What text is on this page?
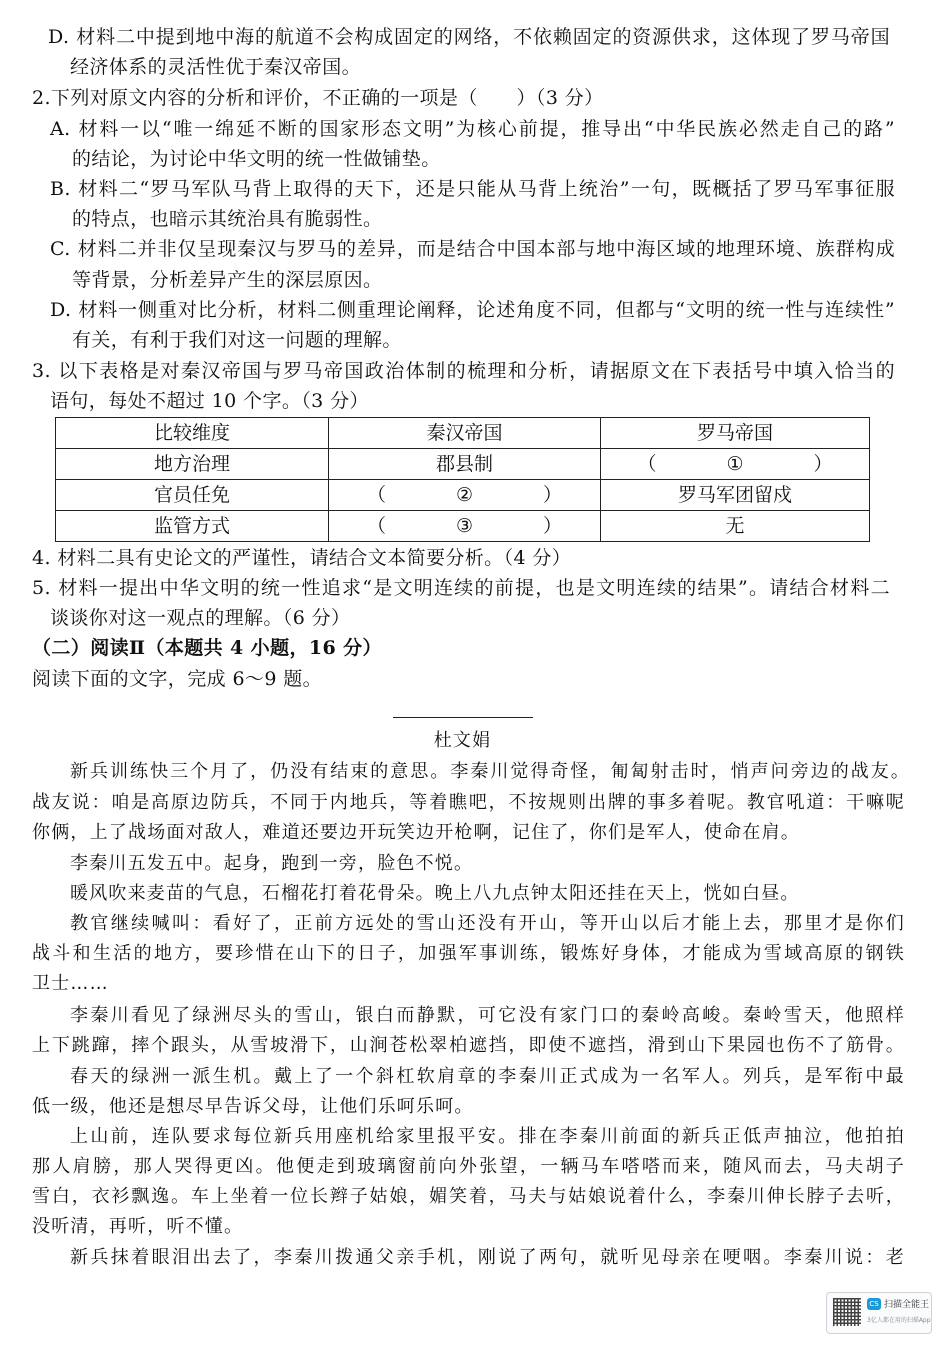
D. 材料二中提到地中海的航道不会构成固定的网络，不依赖固定的资源供求，这体现了罗马帝国
经济体系的灵活性优于秦汉帝国。
2.下列对原文内容的分析和评价，不正确的一项是（　　）（3 分）
A. 材料一以“唯一绵延不断的国家形态文明”为核心前提，推导出“中华民族必然走自己的路”
的结论，为讨论中华文明的统一性做铺垫。
B. 材料二“罗马军队马背上取得的天下，还是只能从马背上统治”一句，既概括了罗马军事征服
的特点，也暗示其统治具有脆弱性。
C. 材料二并非仅呈现秦汉与罗马的差异，而是结合中国本部与地中海区域的地理环境、族群构成
等背景，分析差异产生的深层原因。
D. 材料一侧重对比分析，材料二侧重理论阐释，论述角度不同，但都与“文明的统一性与连续性”
有关，有利于我们对这一问题的理解。
3. 以下表格是对秦汉帝国与罗马帝国政治体制的梳理和分析，请据原文在下表括号中填入恰当的
语句，每处不超过 10 个字。（3 分）
比较维度	秦汉帝国	罗马帝国
地方治理	郡县制	（ ① ）
官员任免	（ ② ）	罗马军团留戍
监管方式	（ ③ ）	无
4. 材料二具有史论文的严谨性，请结合文本简要分析。（4 分）
5. 材料一提出中华文明的统一性追求“是文明连续的前提，也是文明连续的结果”。请结合材料二
谈谈你对这一观点的理解。（6 分）
（二）阅读Ⅱ（本题共 4 小题，16 分）
阅读下面的文字，完成 6～9 题。
杜文娟
新兵训练快三个月了，仍没有结束的意思。李秦川觉得奇怪，匍匐射击时，悄声问旁边的战友。
战友说：咱是高原边防兵，不同于内地兵，等着瞧吧，不按规则出牌的事多着呢。教官吼道：干嘛呢
你俩，上了战场面对敌人，难道还要边开玩笑边开枪啊，记住了，你们是军人，使命在肩。
李秦川五发五中。起身，跑到一旁，脸色不悦。
暖风吹来麦苗的气息，石榴花打着花骨朵。晚上八九点钟太阳还挂在天上，恍如白昼。
教官继续喊叫：看好了，正前方远处的雪山还没有开山，等开山以后才能上去，那里才是你们
战斗和生活的地方，要珍惜在山下的日子，加强军事训练，锻炼好身体，才能成为雪域高原的钢铁
卫士……
李秦川看见了绿洲尽头的雪山，银白而静默，可它没有家门口的秦岭高峻。秦岭雪天，他照样
上下跳蹿，摔个跟头，从雪坡滑下，山涧苍松翠柏遮挡，即使不遮挡，滑到山下果园也伤不了筋骨。
春天的绿洲一派生机。戴上了一个斜杠软肩章的李秦川正式成为一名军人。列兵，是军衔中最
低一级，他还是想尽早告诉父母，让他们乐呵乐呵。
上山前，连队要求每位新兵用座机给家里报平安。排在李秦川前面的新兵正低声抽泣，他拍拍
那人肩膀，那人哭得更凶。他便走到玻璃窗前向外张望，一辆马车嗒嗒而来，随风而去，马夫胡子
雪白，衣衫飘逸。车上坐着一位长辫子姑娘，媚笑着，马夫与姑娘说着什么，李秦川伸长脖子去听，
没听清，再听，听不懂。
新兵抹着眼泪出去了，李秦川拨通父亲手机，刚说了两句，就听见母亲在哽咽。李秦川说：老
CS 扫描全能王
3亿人都在用的扫描App
